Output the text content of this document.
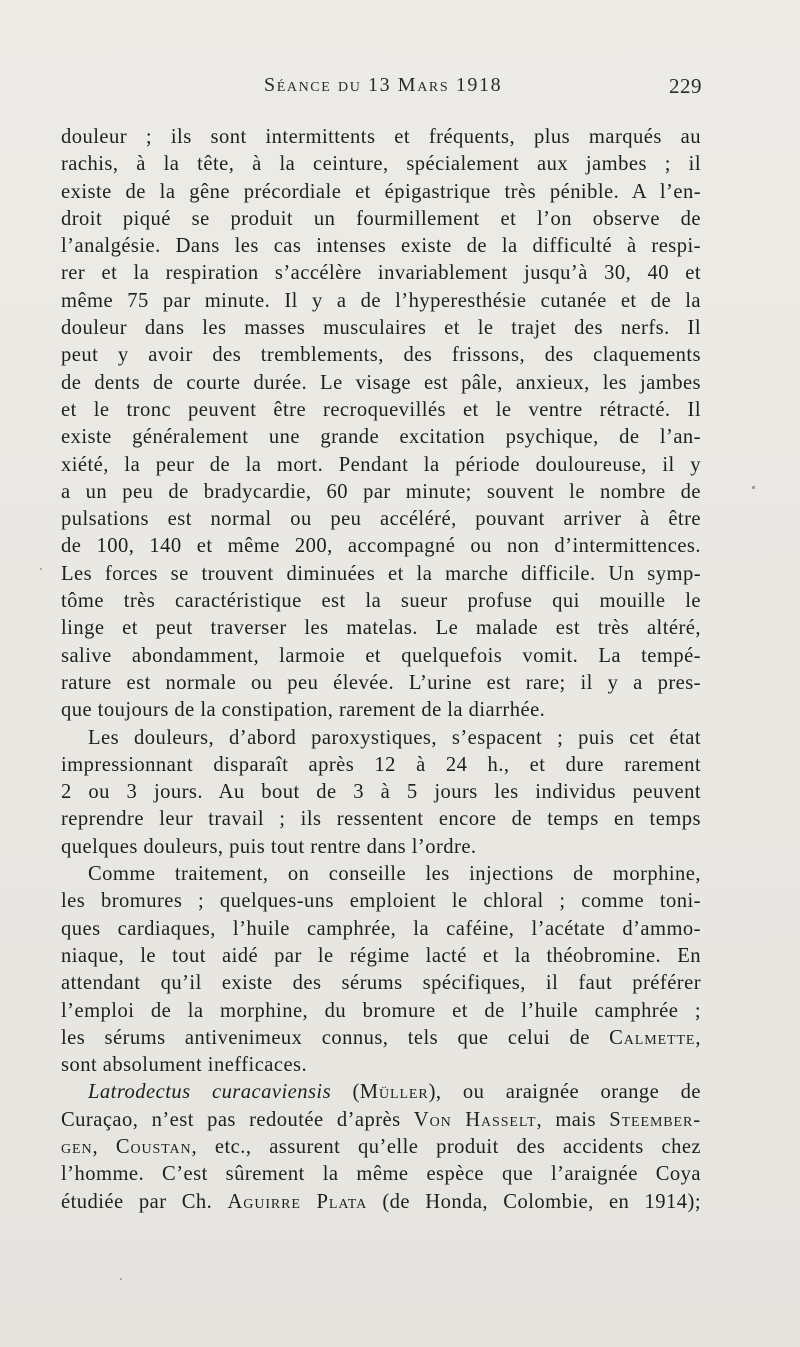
Séance du 13 Mars 1918	229
douleur ; ils sont intermittents et fréquents, plus marqués au
rachis, à la tête, à la ceinture, spécialement aux jambes ; il
existe de la gêne précordiale et épigastrique très pénible. A l’en-
droit piqué se produit un fourmillement et l’on observe de
l’analgésie. Dans les cas intenses existe de la difficulté à respi-
rer et la respiration s’accélère invariablement jusqu’à 30, 40 et
même 75 par minute. Il y a de l’hyperesthésie cutanée et de la
douleur dans les masses musculaires et le trajet des nerfs. Il
peut y avoir des tremblements, des frissons, des claquements
de dents de courte durée. Le visage est pâle, anxieux, les jambes
et le tronc peuvent être recroquevillés et le ventre rétracté. Il
existe généralement une grande excitation psychique, de l’an-
xiété, la peur de la mort. Pendant la période douloureuse, il y
a un peu de bradycardie, 60 par minute; souvent le nombre de
pulsations est normal ou peu accéléré, pouvant arriver à être
de 100, 140 et même 200, accompagné ou non d’intermittences.
Les forces se trouvent diminuées et la marche difficile. Un symp-
tôme très caractéristique est la sueur profuse qui mouille le
linge et peut traverser les matelas. Le malade est très altéré,
salive abondamment, larmoie et quelquefois vomit. La tempé-
rature est normale ou peu élevée. L’urine est rare; il y a pres-
que toujours de la constipation, rarement de la diarrhée.
Les douleurs, d’abord paroxystiques, s’espacent ; puis cet état
impressionnant disparaît après 12 à 24 h., et dure rarement
2 ou 3 jours. Au bout de 3 à 5 jours les individus peuvent
reprendre leur travail ; ils ressentent encore de temps en temps
quelques douleurs, puis tout rentre dans l’ordre.
Comme traitement, on conseille les injections de morphine,
les bromures ; quelques-uns emploient le chloral ; comme toni-
ques cardiaques, l’huile camphrée, la caféine, l’acétate d’ammo-
niaque, le tout aidé par le régime lacté et la théobromine. En
attendant qu’il existe des sérums spécifiques, il faut préférer
l’emploi de la morphine, du bromure et de l’huile camphrée ;
les sérums antivenimeux connus, tels que celui de Calmette,
sont absolument inefficaces.
Latrodectus curacaviensis (Müller), ou araignée orange de
Curaçao, n’est pas redoutée d’après Von Hasselt, mais Steember-
gen, Coustan, etc., assurent qu’elle produit des accidents chez
l’homme. C’est sûrement la même espèce que l’araignée Coya
étudiée par Ch. Aguirre Plata (de Honda, Colombie, en 1914);
